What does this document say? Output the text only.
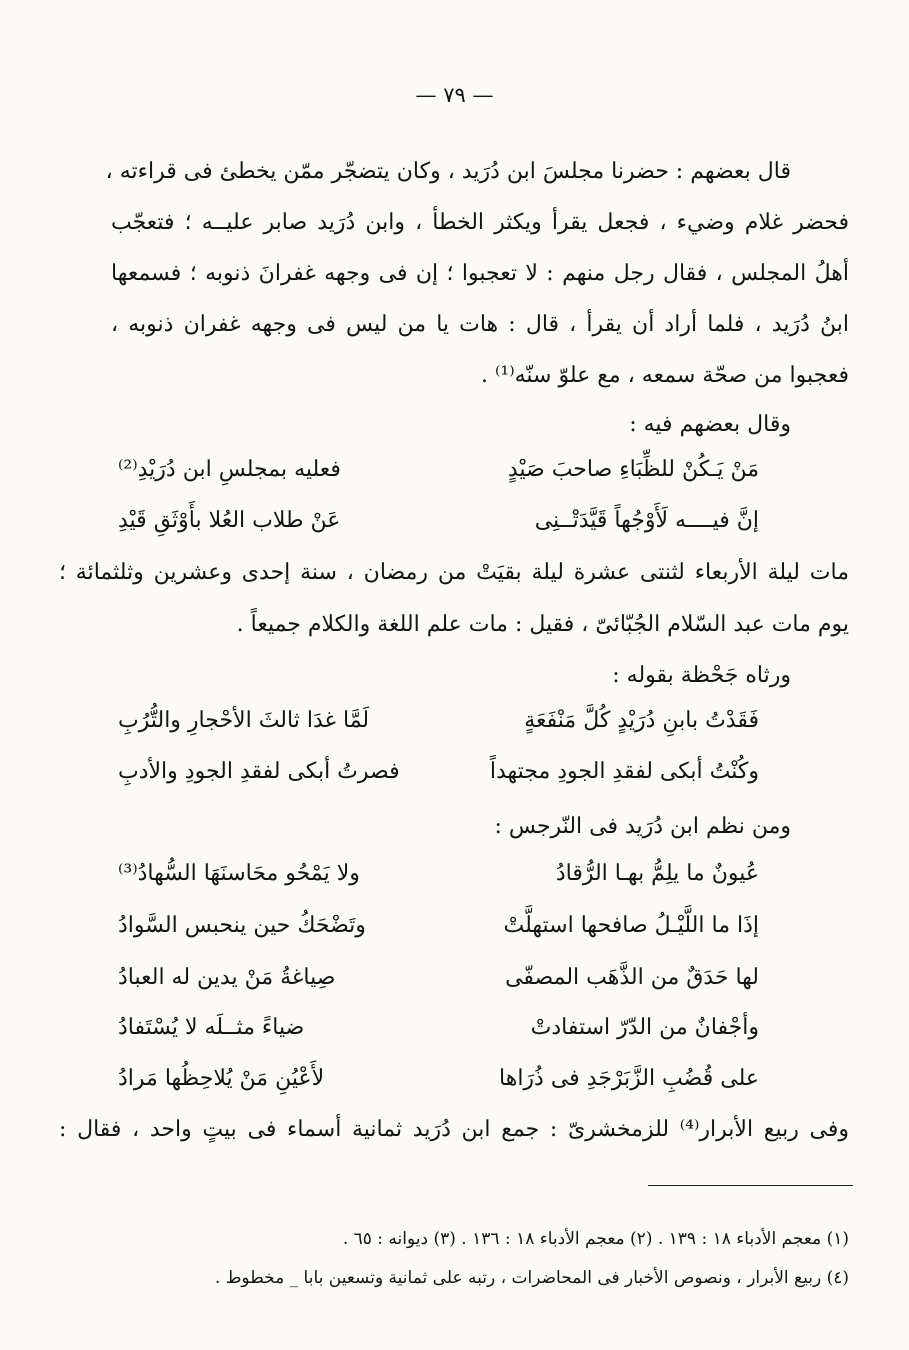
— ٧٩ —
قال بعضهم : حضرنا مجلسَ ابن دُرَيد ، وكان يتضجّر ممّن يخطئ فى قراءته ،
فحضر غلام وضيء ، فجعل يقرأ ويكثر الخطأ ، وابن دُرَيد صابر عليــه ؛ فتعجّب
أهلُ المجلس ، فقال رجل منهم : لا تعجبوا ؛ إن فى وجهه غفرانَ ذنوبه ؛ فسمعها
ابنُ دُرَيد ، فلما أراد أن يقرأ ، قال : هات يا من ليس فى وجهه غفران ذنوبه ،
فعجبوا من صحّة سمعه ، مع علوّ سنّه⁽¹⁾ .
وقال بعضهم فيه :
مَنْ يَـكُنْ للظِّبَاءِ صاحبَ صَيْدٍ
فعليه بمجلسِ ابن دُرَيْدِ⁽²⁾
إنَّ فيــــه لَأَوْجُهاً قَيَّدَتْــنِى
عَنْ طلاب العُلا بأَوْثَقِ قَيْدِ
مات ليلة الأربعاء لثنتى عشرة ليلة بقيَتْ من رمضان ، سنة إحدى وعشرين وثلثمائة ؛
يوم مات عبد السّلام الجُبّائىّ ، فقيل : مات علم اللغة والكلام جميعاً .
ورثاه جَحْظة بقوله :
فَقَدْتُ بابنِ دُرَيْدٍ كُلَّ مَنْفَعَةٍ
لَمَّا غدَا ثالثَ الأحْجارِ والتُّرُبِ
وكُنْتُ أبكى لفقدِ الجودِ مجتهداً
فصرتُ أبكى لفقدِ الجودِ والأدبِ
ومن نظم ابن دُرَيد فى النّرجس :
عُيونٌ ما يلِمُّ بهـا الرُّقادُ
ولا يَمْحُو محَاسنَهَا السُّهادُ⁽³⁾
إذَا ما اللَّيْـلُ صافحها استهلَّتْ
وتَضْحَكُ حين ينحبس السَّوادُ
لها حَدَقٌ من الذَّهَب المصفّى
صِياغةُ مَنْ يدين له العبادُ
وأجْفانٌ من الدّرّ استفادتْ
ضياءً مثــلَه لا يُسْتَفادُ
على قُضُبِ الزَّبَرْجَدِ فى ذُرَاها
لأَعْيُنِ مَنْ يُلاحِظُها مَرادُ
وفى ربيع الأبرار⁽⁴⁾ للزمخشرىّ : جمع ابن دُرَيد ثمانية أسماء فى بيتٍ واحد ، فقال :
(١) معجم الأدباء ١٨ : ١٣٩ . (٢) معجم الأدباء ١٨ : ١٣٦ . (٣) ديوانه : ٦٥ .
(٤) ربيع الأبرار ، ونصوص الأخبار فى المحاضرات ، رتبه على ثمانية وتسعين بابا _ مخطوط .
